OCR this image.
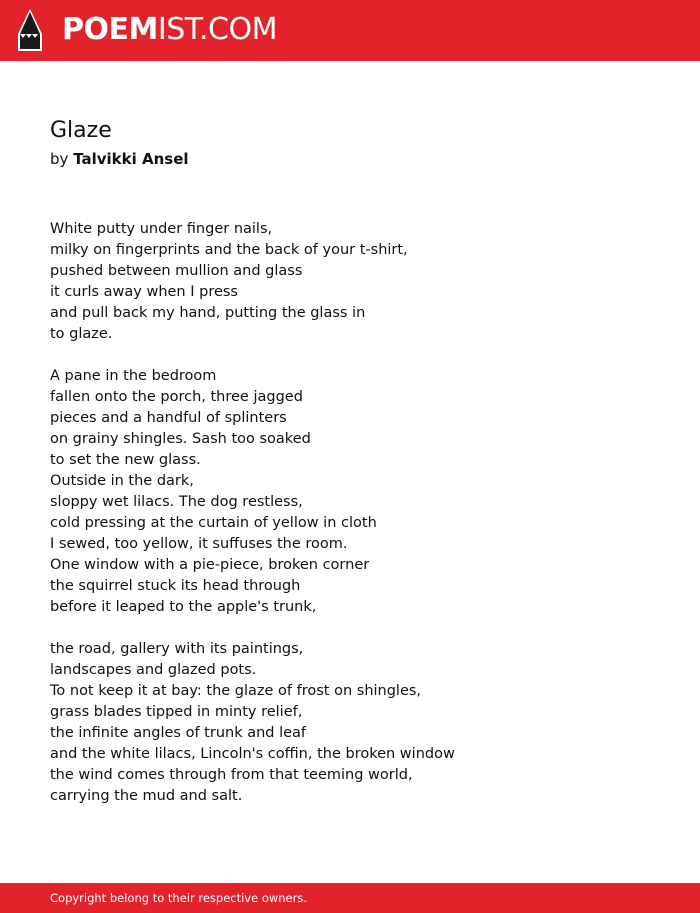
POEMIST.COM
Glaze
by Talvikki Ansel
White putty under finger nails,
milky on fingerprints and the back of your t-shirt,
pushed between mullion and glass
it curls away when I press
and pull back my hand, putting the glass in
to glaze.
A pane in the bedroom
fallen onto the porch, three jagged
pieces and a handful of splinters
on grainy shingles. Sash too soaked
to set the new glass.
Outside in the dark,
sloppy wet lilacs. The dog restless,
cold pressing at the curtain of yellow in cloth
I sewed, too yellow, it suffuses the room.
One window with a pie-piece, broken corner
the squirrel stuck its head through
before it leaped to the apple's trunk,
the road, gallery with its paintings,
landscapes and glazed pots.
To not keep it at bay: the glaze of frost on shingles,
grass blades tipped in minty relief,
the infinite angles of trunk and leaf
and the white lilacs, Lincoln's coffin, the broken window
the wind comes through from that teeming world,
carrying the mud and salt.
Copyright belong to their respective owners.
